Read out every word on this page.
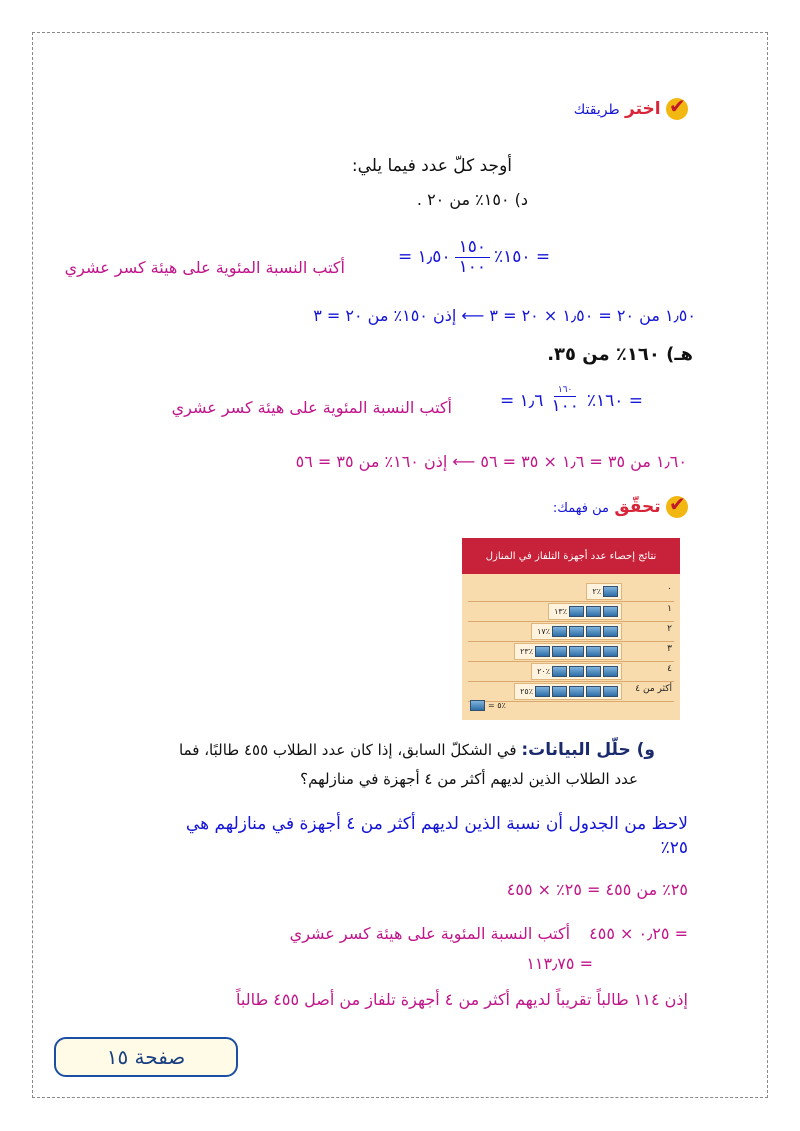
✔ اختر طريقتك
أوجد كلّ عدد فيما يلي:
د) ١٥٠٪ من ٢٠ .
= ١٫٥٠ $\frac{١٥٠}{١٠٠}$ ٪١٥٠ =
أكتب النسبة المئوية على هيئة كسر عشري
١٫٥٠ من ٢٠ = ١٫٥٠ × ٢٠ = ٣ ⟵ إذن ١٥٠٪ من ٢٠ = ٣
هـ) ١٦٠٪ من ٣٥.
= ١٫٦ $\frac{١٦٠}{١٠٠}$ ٪١٦٠ =
أكتب النسبة المئوية على هيئة كسر عشري
١٫٦٠ من ٣٥ = ١٫٦ × ٣٥ = ٥٦ ⟵ إذن ١٦٠٪ من ٣٥ = ٥٦
✔ تحقّق من فهمك:
نتائج إحصاء عدد أجهزة التلفاز في المنازل
٠
٢٪
١
١٣٪
٢
١٧٪
٣
٢٣٪
٤
٢٠٪
أكثر من ٤
٢٥٪
= ٥٪
و) حلّل البيانات: في الشكلّ السابق، إذا كان عدد الطلاب ٤٥٥ طالبًا، فما
عدد الطلاب الذين لديهم أكثر من ٤ أجهزة في منازلهم؟
لاحظ من الجدول أن نسبة الذين لديهم أكثر من ٤ أجهزة في منازلهم هي
٢٥٪
٢٥٪ من ٤٥٥ = ٢٥٪ × ٤٥٥
= ٠٫٢٥ × ٤٥٥ أكتب النسبة المئوية على هيئة كسر عشري
= ١١٣٫٧٥
إذن ١١٤ طالباً تقريباً لديهم أكثر من ٤ أجهزة تلفاز من أصل ٤٥٥ طالباً
صفحة ١٥
